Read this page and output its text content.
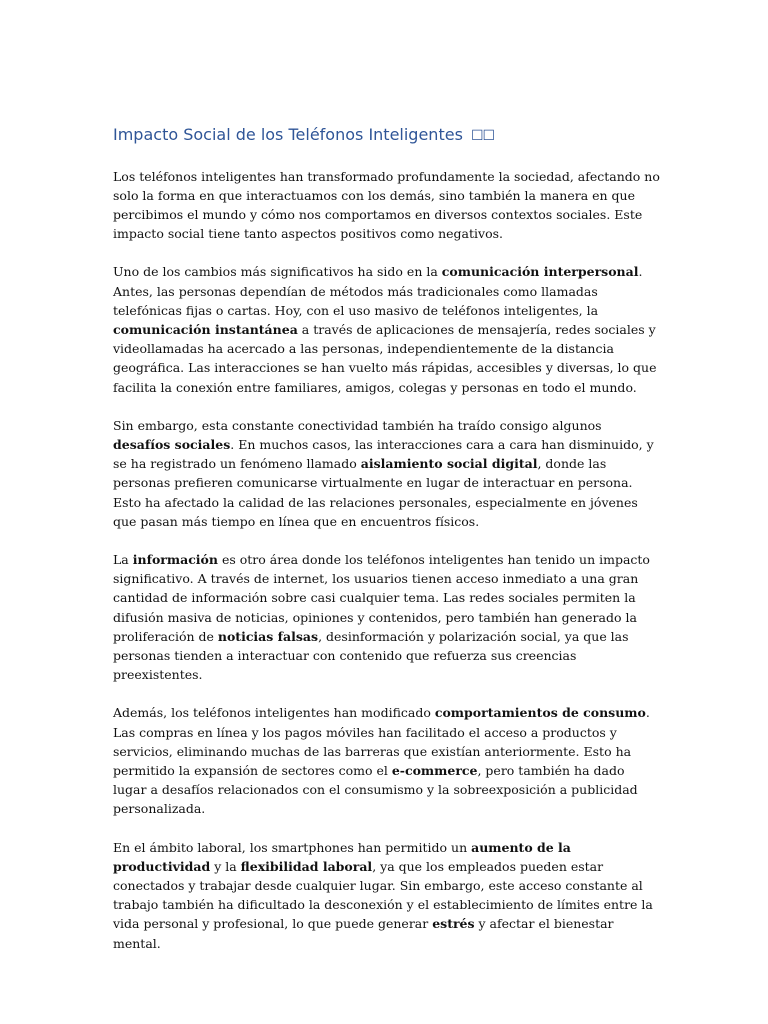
Impacto Social de los Teléfonos Inteligentes ☐☐

Los teléfonos inteligentes han transformado profundamente la sociedad, afectando no solo la forma en que interactuamos con los demás, sino también la manera en que percibimos el mundo y cómo nos comportamos en diversos contextos sociales. Este impacto social tiene tanto aspectos positivos como negativos.

Uno de los cambios más significativos ha sido en la comunicación interpersonal. Antes, las personas dependían de métodos más tradicionales como llamadas telefónicas fijas o cartas. Hoy, con el uso masivo de teléfonos inteligentes, la comunicación instantánea a través de aplicaciones de mensajería, redes sociales y videollamadas ha acercado a las personas, independientemente de la distancia geográfica. Las interacciones se han vuelto más rápidas, accesibles y diversas, lo que facilita la conexión entre familiares, amigos, colegas y personas en todo el mundo.

Sin embargo, esta constante conectividad también ha traído consigo algunos desafíos sociales. En muchos casos, las interacciones cara a cara han disminuido, y se ha registrado un fenómeno llamado aislamiento social digital, donde las personas prefieren comunicarse virtualmente en lugar de interactuar en persona. Esto ha afectado la calidad de las relaciones personales, especialmente en jóvenes que pasan más tiempo en línea que en encuentros físicos.

La información es otro área donde los teléfonos inteligentes han tenido un impacto significativo. A través de internet, los usuarios tienen acceso inmediato a una gran cantidad de información sobre casi cualquier tema. Las redes sociales permiten la difusión masiva de noticias, opiniones y contenidos, pero también han generado la proliferación de noticias falsas, desinformación y polarización social, ya que las personas tienden a interactuar con contenido que refuerza sus creencias preexistentes.

Además, los teléfonos inteligentes han modificado comportamientos de consumo. Las compras en línea y los pagos móviles han facilitado el acceso a productos y servicios, eliminando muchas de las barreras que existían anteriormente. Esto ha permitido la expansión de sectores como el e-commerce, pero también ha dado lugar a desafíos relacionados con el consumismo y la sobreexposición a publicidad personalizada.

En el ámbito laboral, los smartphones han permitido un aumento de la productividad y la flexibilidad laboral, ya que los empleados pueden estar conectados y trabajar desde cualquier lugar. Sin embargo, este acceso constante al trabajo también ha dificultado la desconexión y el establecimiento de límites entre la vida personal y profesional, lo que puede generar estrés y afectar el bienestar mental.
